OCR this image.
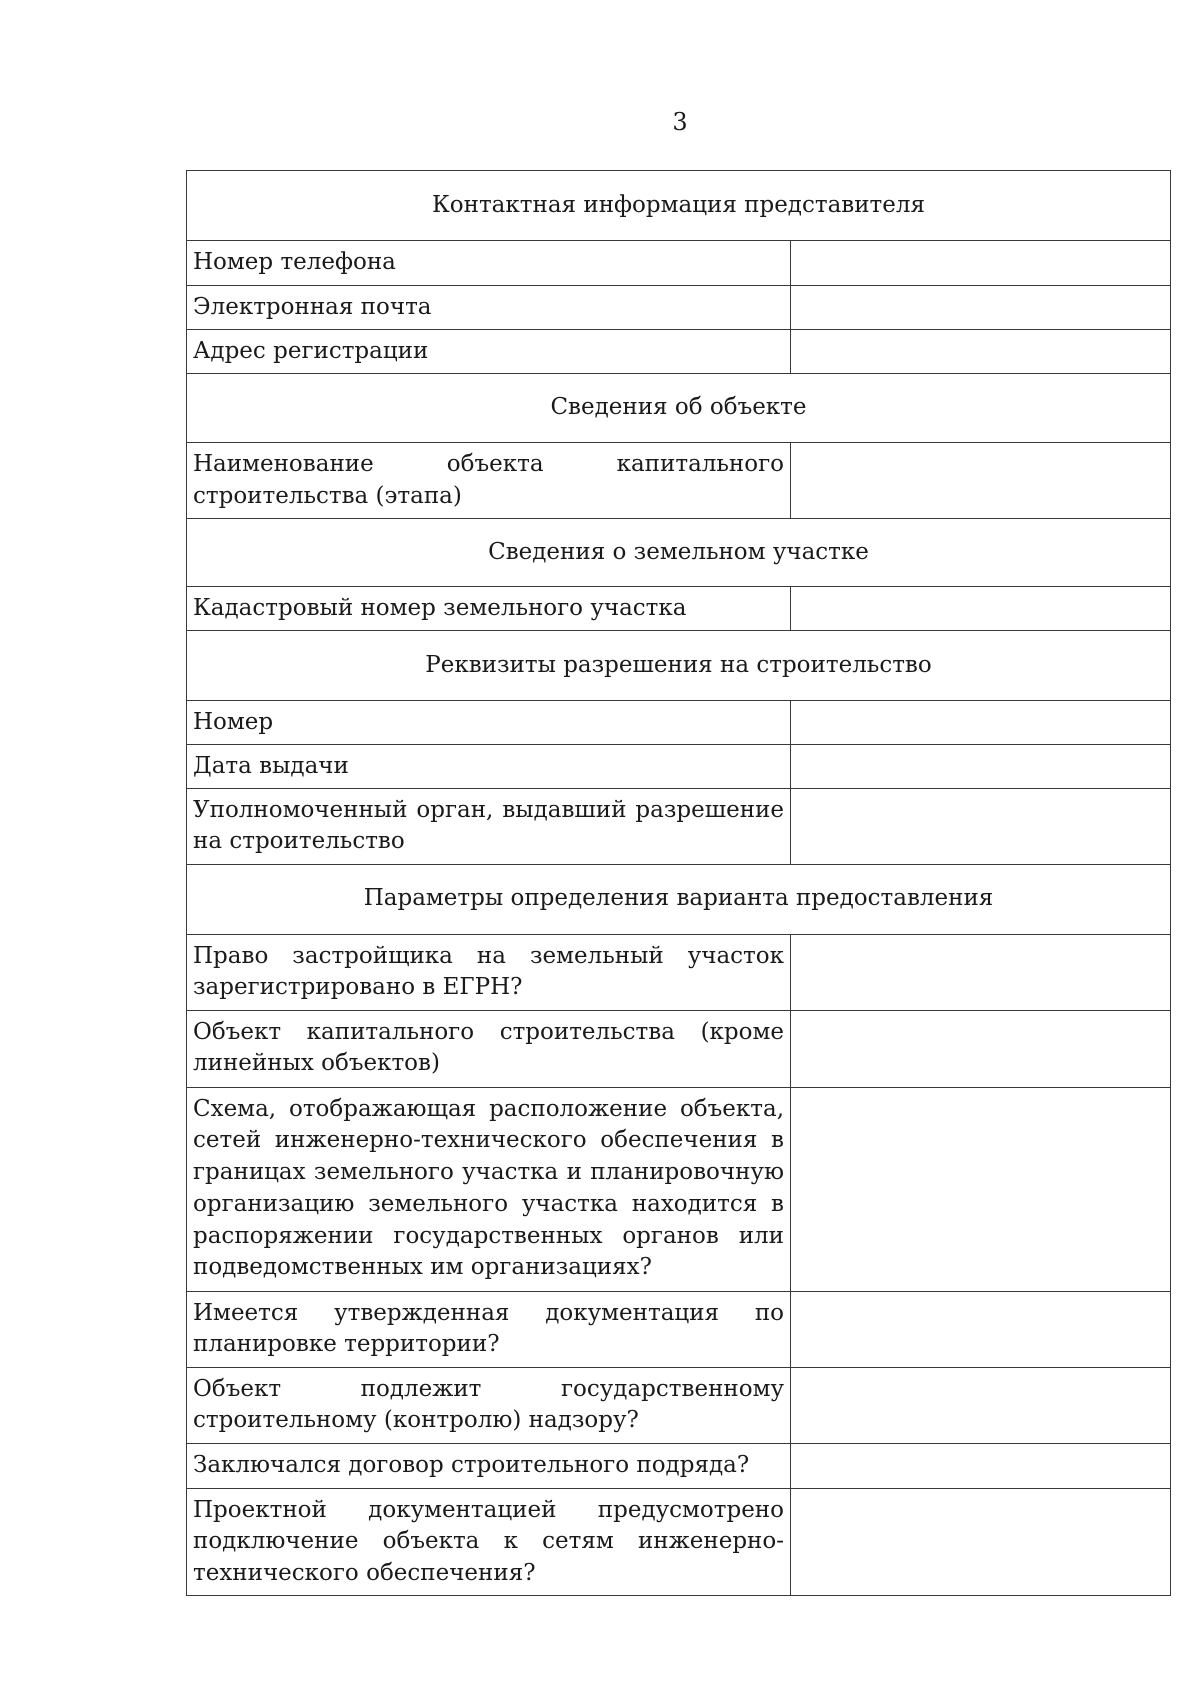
3
Контактная информация представителя	
Номер телефона	
Электронная почта	
Адрес регистрации	
Сведения об объекте	
Наименование объекта капитального строительства (этапа)	
Сведения о земельном участке	
Кадастровый номер земельного участка	
Реквизиты разрешения на строительство	
Номер	
Дата выдачи	
Уполномоченный орган, выдавший разрешение на строительство	
Параметры определения варианта предоставления	
Право застройщика на земельный участок зарегистрировано в ЕГРН?	
Объект капитального строительства (кроме линейных объектов)	
Схема, отображающая расположение объекта, сетей инженерно-технического обеспечения в границах земельного участка и планировочную организацию земельного участка находится в распоряжении государственных органов или подведомственных им организациях?	
Имеется утвержденная документация по планировке территории?	
Объект подлежит государственному строительному (контролю) надзору?	
Заключался договор строительного подряда?	
Проектной документацией предусмотрено подключение объекта к сетям инженерно-технического обеспечения?	
